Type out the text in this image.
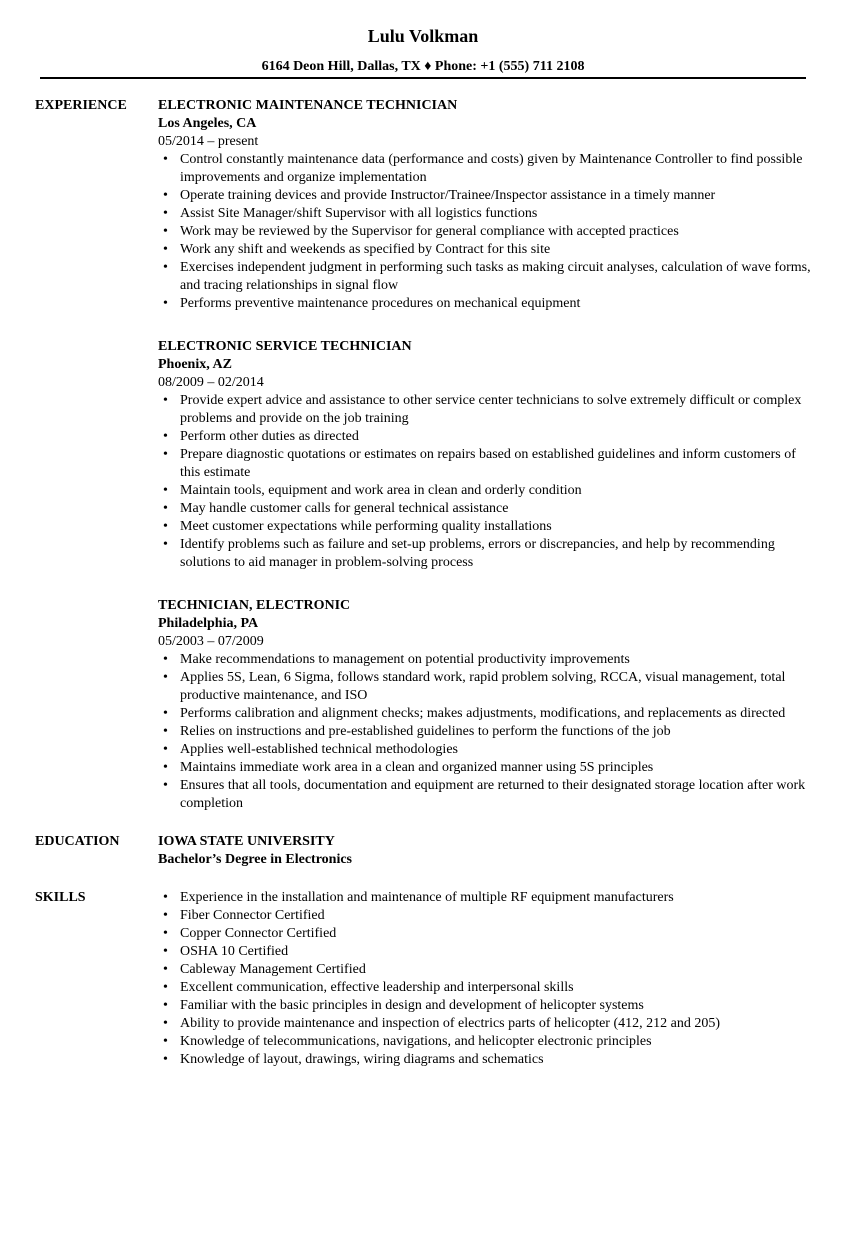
Lulu Volkman
6164 Deon Hill, Dallas, TX ♦ Phone: +1 (555) 711 2108
EXPERIENCE ELECTRONIC MAINTENANCE TECHNICIAN
Los Angeles, CA
05/2014 – present
• Control constantly maintenance data (performance and costs) given by Maintenance Controller to find possible improvements and organize implementation
• Operate training devices and provide Instructor/Trainee/Inspector assistance in a timely manner
• Assist Site Manager/shift Supervisor with all logistics functions
• Work may be reviewed by the Supervisor for general compliance with accepted practices
• Work any shift and weekends as specified by Contract for this site
• Exercises independent judgment in performing such tasks as making circuit analyses, calculation of wave forms, and tracing relationships in signal flow
• Performs preventive maintenance procedures on mechanical equipment
ELECTRONIC SERVICE TECHNICIAN
Phoenix, AZ
08/2009 – 02/2014
• Provide expert advice and assistance to other service center technicians to solve extremely difficult or complex problems and provide on the job training
• Perform other duties as directed
• Prepare diagnostic quotations or estimates on repairs based on established guidelines and inform customers of this estimate
• Maintain tools, equipment and work area in clean and orderly condition
• May handle customer calls for general technical assistance
• Meet customer expectations while performing quality installations
• Identify problems such as failure and set-up problems, errors or discrepancies, and help by recommending solutions to aid manager in problem-solving process
TECHNICIAN, ELECTRONIC
Philadelphia, PA
05/2003 – 07/2009
• Make recommendations to management on potential productivity improvements
• Applies 5S, Lean, 6 Sigma, follows standard work, rapid problem solving, RCCA, visual management, total productive maintenance, and ISO
• Performs calibration and alignment checks; makes adjustments, modifications, and replacements as directed
• Relies on instructions and pre-established guidelines to perform the functions of the job
• Applies well-established technical methodologies
• Maintains immediate work area in a clean and organized manner using 5S principles
• Ensures that all tools, documentation and equipment are returned to their designated storage location after work completion
EDUCATION	IOWA STATE UNIVERSITY
Bachelor’s Degree in Electronics
SKILLS
•	Experience in the installation and maintenance of multiple RF equipment manufacturers
• Fiber Connector Certified
• Copper Connector Certified
• OSHA 10 Certified
• Cableway Management Certified
• Excellent communication, effective leadership and interpersonal skills
• Familiar with the basic principles in design and development of helicopter systems
• Ability to provide maintenance and inspection of electrics parts of helicopter (412, 212 and 205)
• Knowledge of telecommunications, navigations, and helicopter electronic principles
• Knowledge of layout, drawings, wiring diagrams and schematics
